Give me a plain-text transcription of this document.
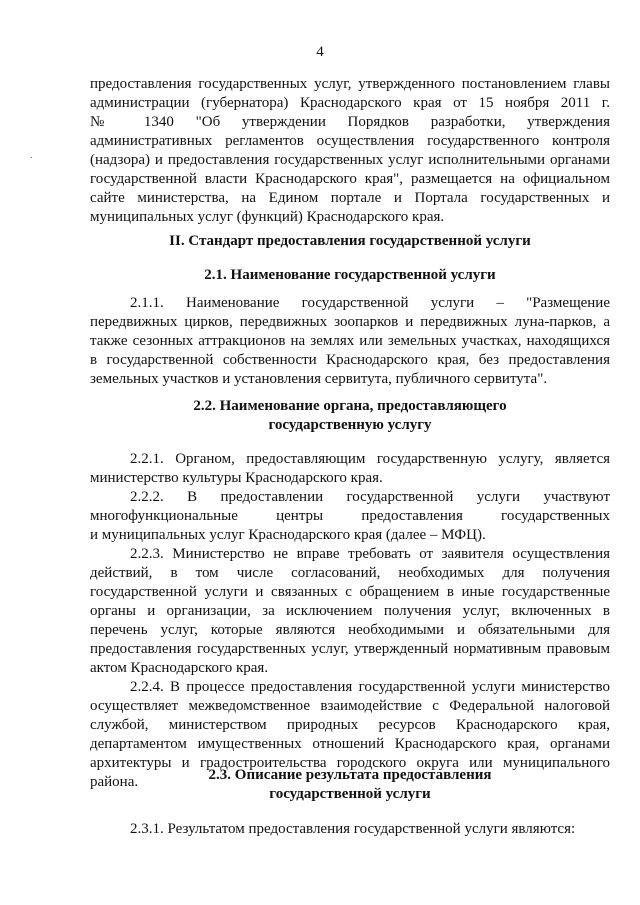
.
4
предоставления государственных услуг, утвержденного постановлением главы
администрации (губернатора) Краснодарского края от 15 ноября 2011 г.
№ 1340 "Об утверждении Порядков разработки, утверждения
административных регламентов осуществления государственного контроля
(надзора) и предоставления государственных услуг исполнительными органами
государственной власти Краснодарского края", размещается на официальном
сайте министерства, на Едином портале и Портала государственных и
муниципальных услуг (функций) Краснодарского края.
II. Стандарт предоставления государственной услуги
2.1. Наименование государственной услуги
2.1.1. Наименование государственной услуги – "Размещение
передвижных цирков, передвижных зоопарков и передвижных луна-парков, а
также сезонных аттракционов на землях или земельных участках, находящихся
в государственной собственности Краснодарского края, без предоставления
земельных участков и установления сервитута, публичного сервитута".
2.2. Наименование органа, предоставляющего
государственную услугу
2.2.1. Органом, предоставляющим государственную услугу, является
министерство культуры Краснодарского края.
2.2.2. В предоставлении государственной услуги участвуют
многофункциональные центры предоставления государственных
и муниципальных услуг Краснодарского края (далее – МФЦ).
2.2.3. Министерство не вправе требовать от заявителя осуществления
действий, в том числе согласований, необходимых для получения
государственной услуги и связанных с обращением в иные государственные
органы и организации, за исключением получения услуг, включенных в
перечень услуг, которые являются необходимыми и обязательными для
предоставления государственных услуг, утвержденный нормативным правовым
актом Краснодарского края.
2.2.4. В процессе предоставления государственной услуги министерство
осуществляет межведомственное взаимодействие с Федеральной налоговой
службой, министерством природных ресурсов Краснодарского края,
департаментом имущественных отношений Краснодарского края, органами
архитектуры и градостроительства городского округа или муниципального
района.	2.3. Описание результата предоставления
государственной услуги
2.3.1. Результатом предоставления государственной услуги являются:
